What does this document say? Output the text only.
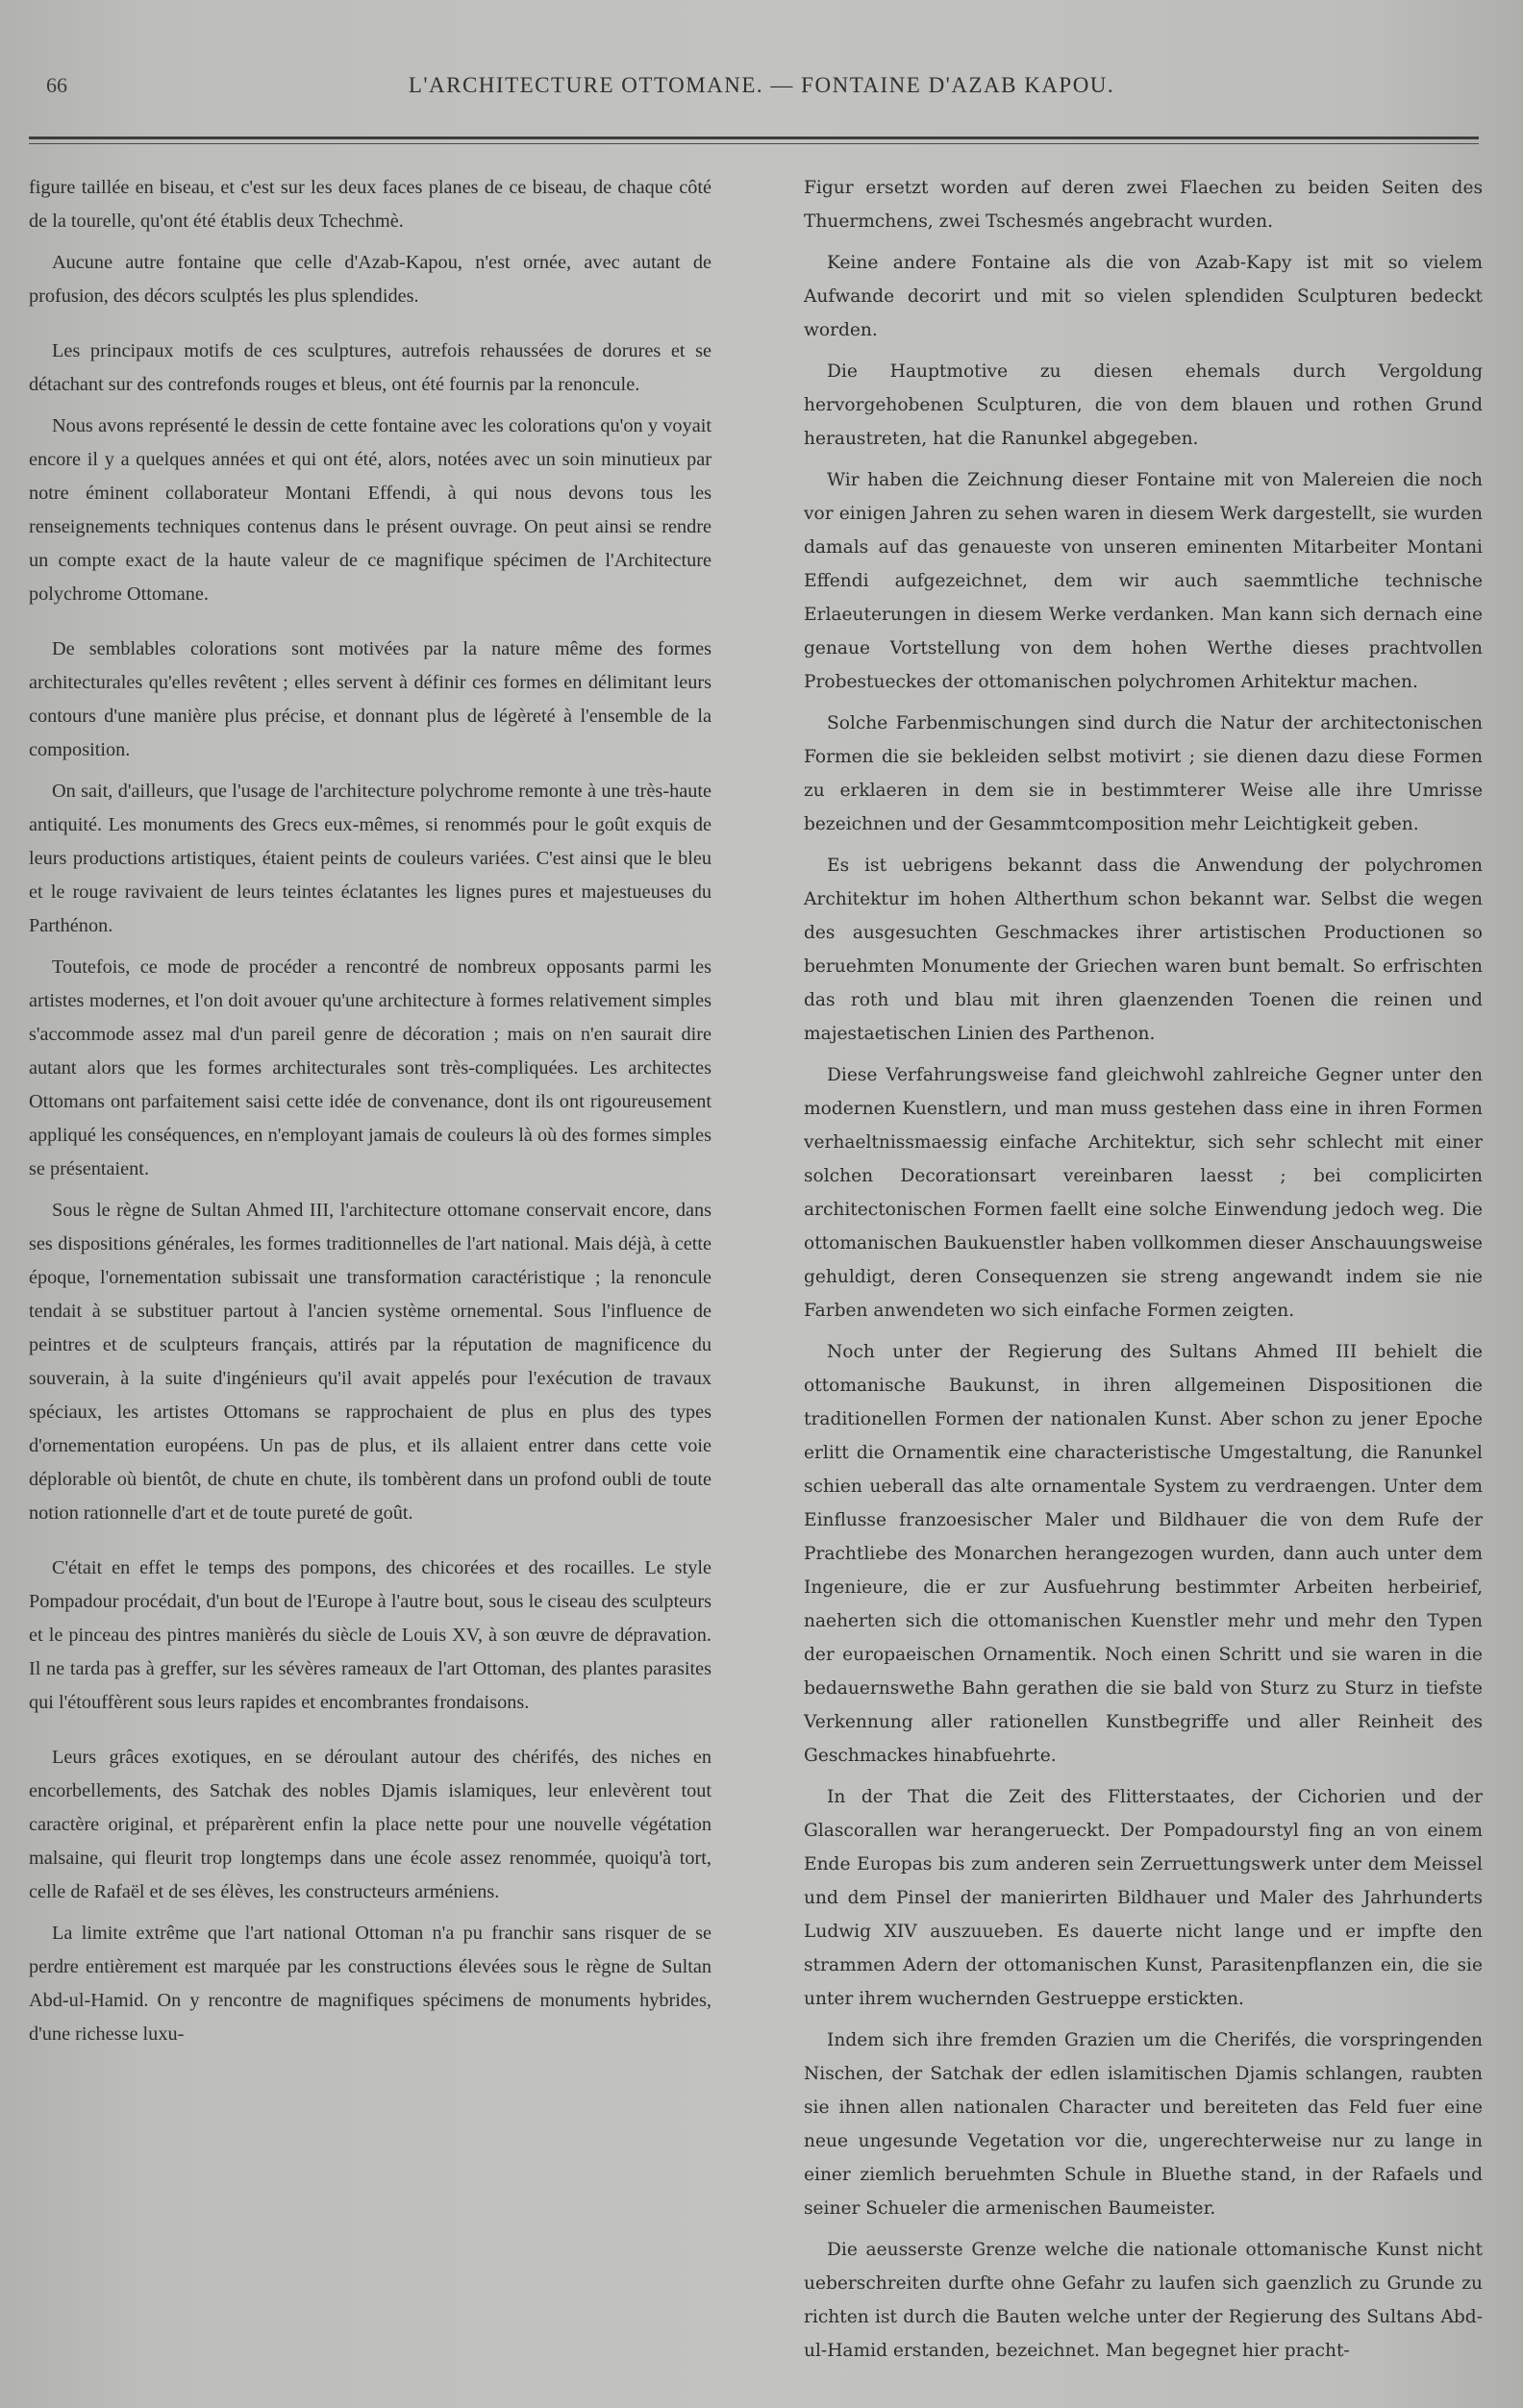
66	L'ARCHITECTURE OTTOMANE. — FONTAINE D'AZAB KAPOU.

figure taillée en biseau, et c'est sur les deux faces planes de ce biseau, de chaque côté de la tourelle, qu'ont été établis deux Tchechmè.

Aucune autre fontaine que celle d'Azab-Kapou, n'est ornée, avec autant de profusion, des décors sculptés les plus splendides.

Les principaux motifs de ces sculptures, autrefois rehaussées de dorures et se détachant sur des contrefonds rouges et bleus, ont été fournis par la renoncule.

Nous avons représenté le dessin de cette fontaine avec les colorations qu'on y voyait encore il y a quelques années et qui ont été, alors, notées avec un soin minutieux par notre éminent collaborateur Montani Effendi, à qui nous devons tous les renseignements techniques contenus dans le présent ouvrage. On peut ainsi se rendre un compte exact de la haute valeur de ce magnifique spécimen de l'Architecture polychrome Ottomane.

De semblables colorations sont motivées par la nature même des formes architecturales qu'elles revêtent ; elles servent à définir ces formes en délimitant leurs contours d'une manière plus précise, et donnant plus de légèreté à l'ensemble de la composition.

On sait, d'ailleurs, que l'usage de l'architecture polychrome remonte à une très-haute antiquité. Les monuments des Grecs eux-mêmes, si renommés pour le goût exquis de leurs productions artistiques, étaient peints de couleurs variées. C'est ainsi que le bleu et le rouge ravivaient de leurs teintes éclatantes les lignes pures et majestueuses du Parthénon.

Toutefois, ce mode de procéder a rencontré de nombreux opposants parmi les artistes modernes, et l'on doit avouer qu'une architecture à formes relativement simples s'accommode assez mal d'un pareil genre de décoration ; mais on n'en saurait dire autant alors que les formes architecturales sont très-compliquées. Les architectes Ottomans ont parfaitement saisi cette idée de convenance, dont ils ont rigoureusement appliqué les conséquences, en n'employant jamais de couleurs là où des formes simples se présentaient.

Sous le règne de Sultan Ahmed III, l'architecture ottomane conservait encore, dans ses dispositions générales, les formes traditionnelles de l'art national. Mais déjà, à cette époque, l'ornementation subissait une transformation caractéristique ; la renoncule tendait à se substituer partout à l'ancien système ornemental. Sous l'influence de peintres et de sculpteurs français, attirés par la réputation de magnificence du souverain, à la suite d'ingénieurs qu'il avait appelés pour l'exécution de travaux spéciaux, les artistes Ottomans se rapprochaient de plus en plus des types d'ornementation européens. Un pas de plus, et ils allaient entrer dans cette voie déplorable où bientôt, de chute en chute, ils tombèrent dans un profond oubli de toute notion rationnelle d'art et de toute pureté de goût.

C'était en effet le temps des pompons, des chicorées et des rocailles. Le style Pompadour procédait, d'un bout de l'Europe à l'autre bout, sous le ciseau des sculpteurs et le pinceau des pintres manièrés du siècle de Louis XV, à son œuvre de dépravation. Il ne tarda pas à greffer, sur les sévères rameaux de l'art Ottoman, des plantes parasites qui l'étouffèrent sous leurs rapides et encombrantes frondaisons.

Leurs grâces exotiques, en se déroulant autour des chérifés, des niches en encorbellements, des Satchak des nobles Djamis islamiques, leur enlevèrent tout caractère original, et préparèrent enfin la place nette pour une nouvelle végétation malsaine, qui fleurit trop longtemps dans une école assez renommée, quoiqu'à tort, celle de Rafaël et de ses élèves, les constructeurs arméniens.

La limite extrême que l'art national Ottoman n'a pu franchir sans risquer de se perdre entièrement est marquée par les constructions élevées sous le règne de Sultan Abd-ul-Hamid. On y rencontre de magnifiques spécimens de monuments hybrides, d'une richesse luxu-

Figur ersetzt worden auf deren zwei Flaechen zu beiden Seiten des Thuermchens, zwei Tschesmés angebracht wurden.

Keine andere Fontaine als die von Azab-Kapy ist mit so vielem Aufwande decorirt und mit so vielen splendiden Sculpturen bedeckt worden.

Die Hauptmotive zu diesen ehemals durch Vergoldung hervorgehobenen Sculpturen, die von dem blauen und rothen Grund heraustreten, hat die Ranunkel abgegeben.

Wir haben die Zeichnung dieser Fontaine mit von Malereien die noch vor einigen Jahren zu sehen waren in diesem Werk dargestellt, sie wurden damals auf das genaueste von unseren eminenten Mitarbeiter Montani Effendi aufgezeichnet, dem wir auch saemmtliche technische Erlaeuterungen in diesem Werke verdanken. Man kann sich dernach eine genaue Vortstellung von dem hohen Werthe dieses prachtvollen Probestueckes der ottomanischen polychromen Arhitektur machen.

Solche Farbenmischungen sind durch die Natur der architectonischen Formen die sie bekleiden selbst motivirt ; sie dienen dazu diese Formen zu erklaeren in dem sie in bestimmterer Weise alle ihre Umrisse bezeichnen und der Gesammtcomposition mehr Leichtigkeit geben.

Es ist uebrigens bekannt dass die Anwendung der polychromen Architektur im hohen Altherthum schon bekannt war. Selbst die wegen des ausgesuchten Geschmackes ihrer artistischen Productionen so beruehmten Monumente der Griechen waren bunt bemalt. So erfrischten das roth und blau mit ihren glaenzenden Toenen die reinen und majestaetischen Linien des Parthenon.

Diese Verfahrungsweise fand gleichwohl zahlreiche Gegner unter den modernen Kuenstlern, und man muss gestehen dass eine in ihren Formen verhaeltnissmaessig einfache Architektur, sich sehr schlecht mit einer solchen Decorationsart vereinbaren laesst ; bei complicirten architectonischen Formen faellt eine solche Einwendung jedoch weg. Die ottomanischen Baukuenstler haben vollkommen dieser Anschauungsweise gehuldigt, deren Consequenzen sie streng angewandt indem sie nie Farben anwendeten wo sich einfache Formen zeigten.

Noch unter der Regierung des Sultans Ahmed III behielt die ottomanische Baukunst, in ihren allgemeinen Dispositionen die traditionellen Formen der nationalen Kunst. Aber schon zu jener Epoche erlitt die Ornamentik eine characteristische Umgestaltung, die Ranunkel schien ueberall das alte ornamentale System zu verdraengen. Unter dem Einflusse franzoesischer Maler und Bildhauer die von dem Rufe der Prachtliebe des Monarchen herangezogen wurden, dann auch unter dem Ingenieure, die er zur Ausfuehrung bestimmter Arbeiten herbeirief, naeherten sich die ottomanischen Kuenstler mehr und mehr den Typen der europaeischen Ornamentik. Noch einen Schritt und sie waren in die bedauernswethe Bahn gerathen die sie bald von Sturz zu Sturz in tiefste Verkennung aller rationellen Kunstbegriffe und aller Reinheit des Geschmackes hinabfuehrte.

In der That die Zeit des Flitterstaates, der Cichorien und der Glascorallen war herangerueckt. Der Pompadourstyl fing an von einem Ende Europas bis zum anderen sein Zerruettungswerk unter dem Meissel und dem Pinsel der manierirten Bildhauer und Maler des Jahrhunderts Ludwig XIV auszuueben. Es dauerte nicht lange und er impfte den strammen Adern der ottomanischen Kunst, Parasitenpflanzen ein, die sie unter ihrem wuchernden Gestrueppe erstickten.

Indem sich ihre fremden Grazien um die Cherifés, die vorspringenden Nischen, der Satchak der edlen islamitischen Djamis schlangen, raubten sie ihnen allen nationalen Character und bereiteten das Feld fuer eine neue ungesunde Vegetation vor die, ungerechterweise nur zu lange in einer ziemlich beruehmten Schule in Bluethe stand, in der Rafaels und seiner Schueler die armenischen Baumeister.

Die aeusserste Grenze welche die nationale ottomanische Kunst nicht ueberschreiten durfte ohne Gefahr zu laufen sich gaenzlich zu Grunde zu richten ist durch die Bauten welche unter der Regierung des Sultans Abd-ul-Hamid erstanden, bezeichnet. Man begegnet hier pracht-
